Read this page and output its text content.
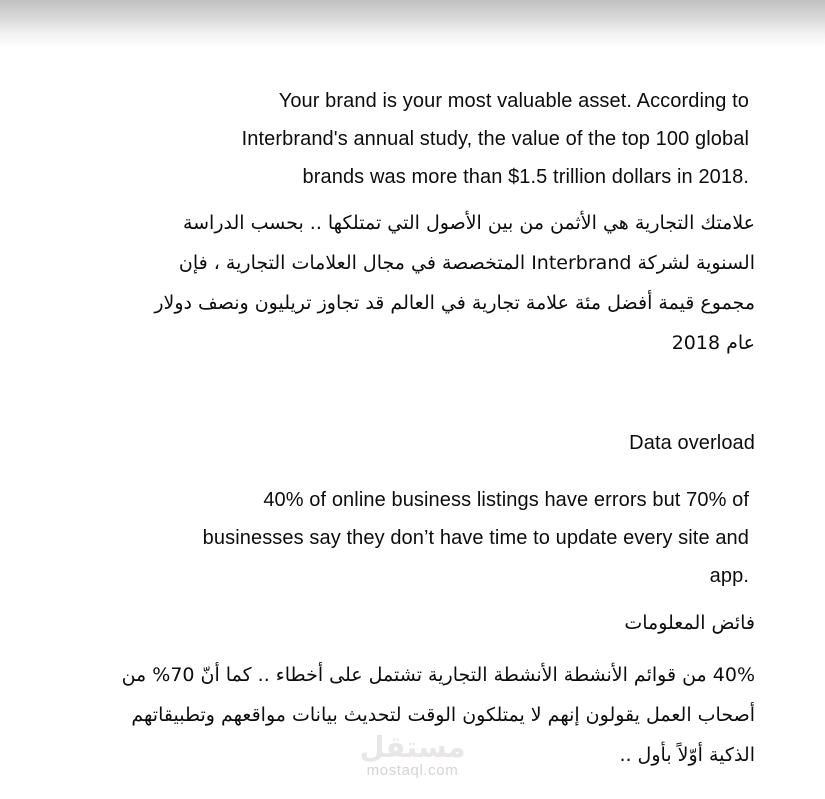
Your brand is your most valuable asset. According to
Interbrand's annual study, the value of the top 100 global
brands was more than $1.5 trillion dollars in 2018.
علامتك التجارية هي الأثمن من بين الأصول التي تمتلكها .. بحسب الدراسة
السنوية لشركة Interbrand المتخصصة في مجال العلامات التجارية ، فإن
مجموع قيمة أفضل مئة علامة تجارية في العالم قد تجاوز تريليون ونصف دولار
عام 2018
Data overload
40% of online business listings have errors but 70% of
businesses say they don’t have time to update every site and
app.
فائض المعلومات
40% من قوائم الأنشطة الأنشطة التجارية تشتمل على أخطاء .. كما أنّ 70% من
أصحاب العمل يقولون إنهم لا يمتلكون الوقت لتحديث بيانات مواقعهم وتطبيقاتهم
الذكية أوّلاً بأول ..
مستقل
mostaql.com
